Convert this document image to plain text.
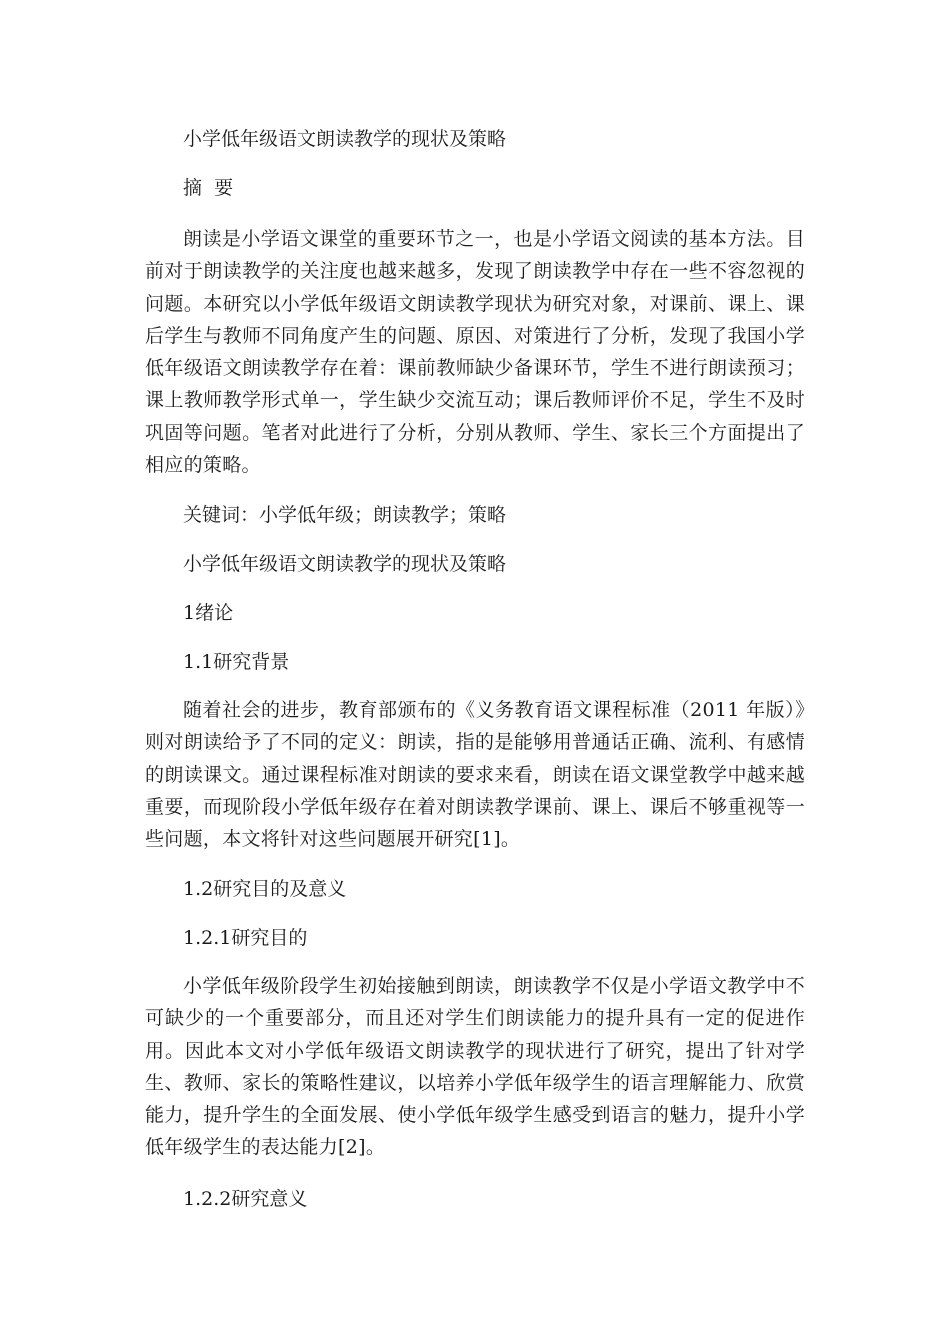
小学低年级语文朗读教学的现状及策略
摘  要
朗读是小学语文课堂的重要环节之一，也是小学语文阅读的基本方法。目前对于朗读教学的关注度也越来越多，发现了朗读教学中存在一些不容忽视的问题。本研究以小学低年级语文朗读教学现状为研究对象，对课前、课上、课后学生与教师不同角度产生的问题、原因、对策进行了分析，发现了我国小学低年级语文朗读教学存在着：课前教师缺少备课环节，学生不进行朗读预习；课上教师教学形式单一，学生缺少交流互动；课后教师评价不足，学生不及时巩固等问题。笔者对此进行了分析，分别从教师、学生、家长三个方面提出了相应的策略。
关键词：小学低年级；朗读教学；策略
小学低年级语文朗读教学的现状及策略
1绪论
1.1研究背景
随着社会的进步，教育部颁布的《义务教育语文课程标准（2011 年版）》则对朗读给予了不同的定义：朗读，指的是能够用普通话正确、流利、有感情的朗读课文。通过课程标准对朗读的要求来看，朗读在语文课堂教学中越来越重要，而现阶段小学低年级存在着对朗读教学课前、课上、课后不够重视等一些问题，本文将针对这些问题展开研究[1]。
1.2研究目的及意义
1.2.1研究目的
小学低年级阶段学生初始接触到朗读，朗读教学不仅是小学语文教学中不可缺少的一个重要部分，而且还对学生们朗读能力的提升具有一定的促进作用。因此本文对小学低年级语文朗读教学的现状进行了研究，提出了针对学生、教师、家长的策略性建议，以培养小学低年级学生的语言理解能力、欣赏能力，提升学生的全面发展、使小学低年级学生感受到语言的魅力，提升小学低年级学生的表达能力[2]。
1.2.2研究意义
